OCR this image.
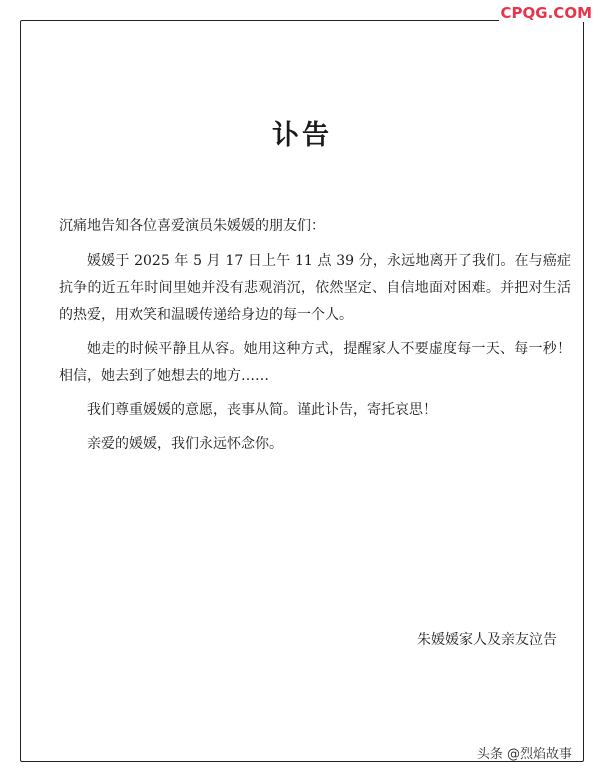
讣告

沉痛地告知各位喜爱演员朱媛媛的朋友们：

媛媛于 2025 年 5 月 17 日上午 11 点 39 分，永远地离开了我们。在与癌症抗争的近五年时间里她并没有悲观消沉，依然坚定、自信地面对困难。并把对生活的热爱，用欢笑和温暖传递给身边的每一个人。

她走的时候平静且从容。她用这种方式，提醒家人不要虚度每一天、每一秒！相信，她去到了她想去的地方……

我们尊重媛媛的意愿，丧事从简。谨此讣告，寄托哀思！

亲爱的媛媛，我们永远怀念你。

朱媛媛家人及亲友泣告
CPQG.COM
头条 @烈焰故事
